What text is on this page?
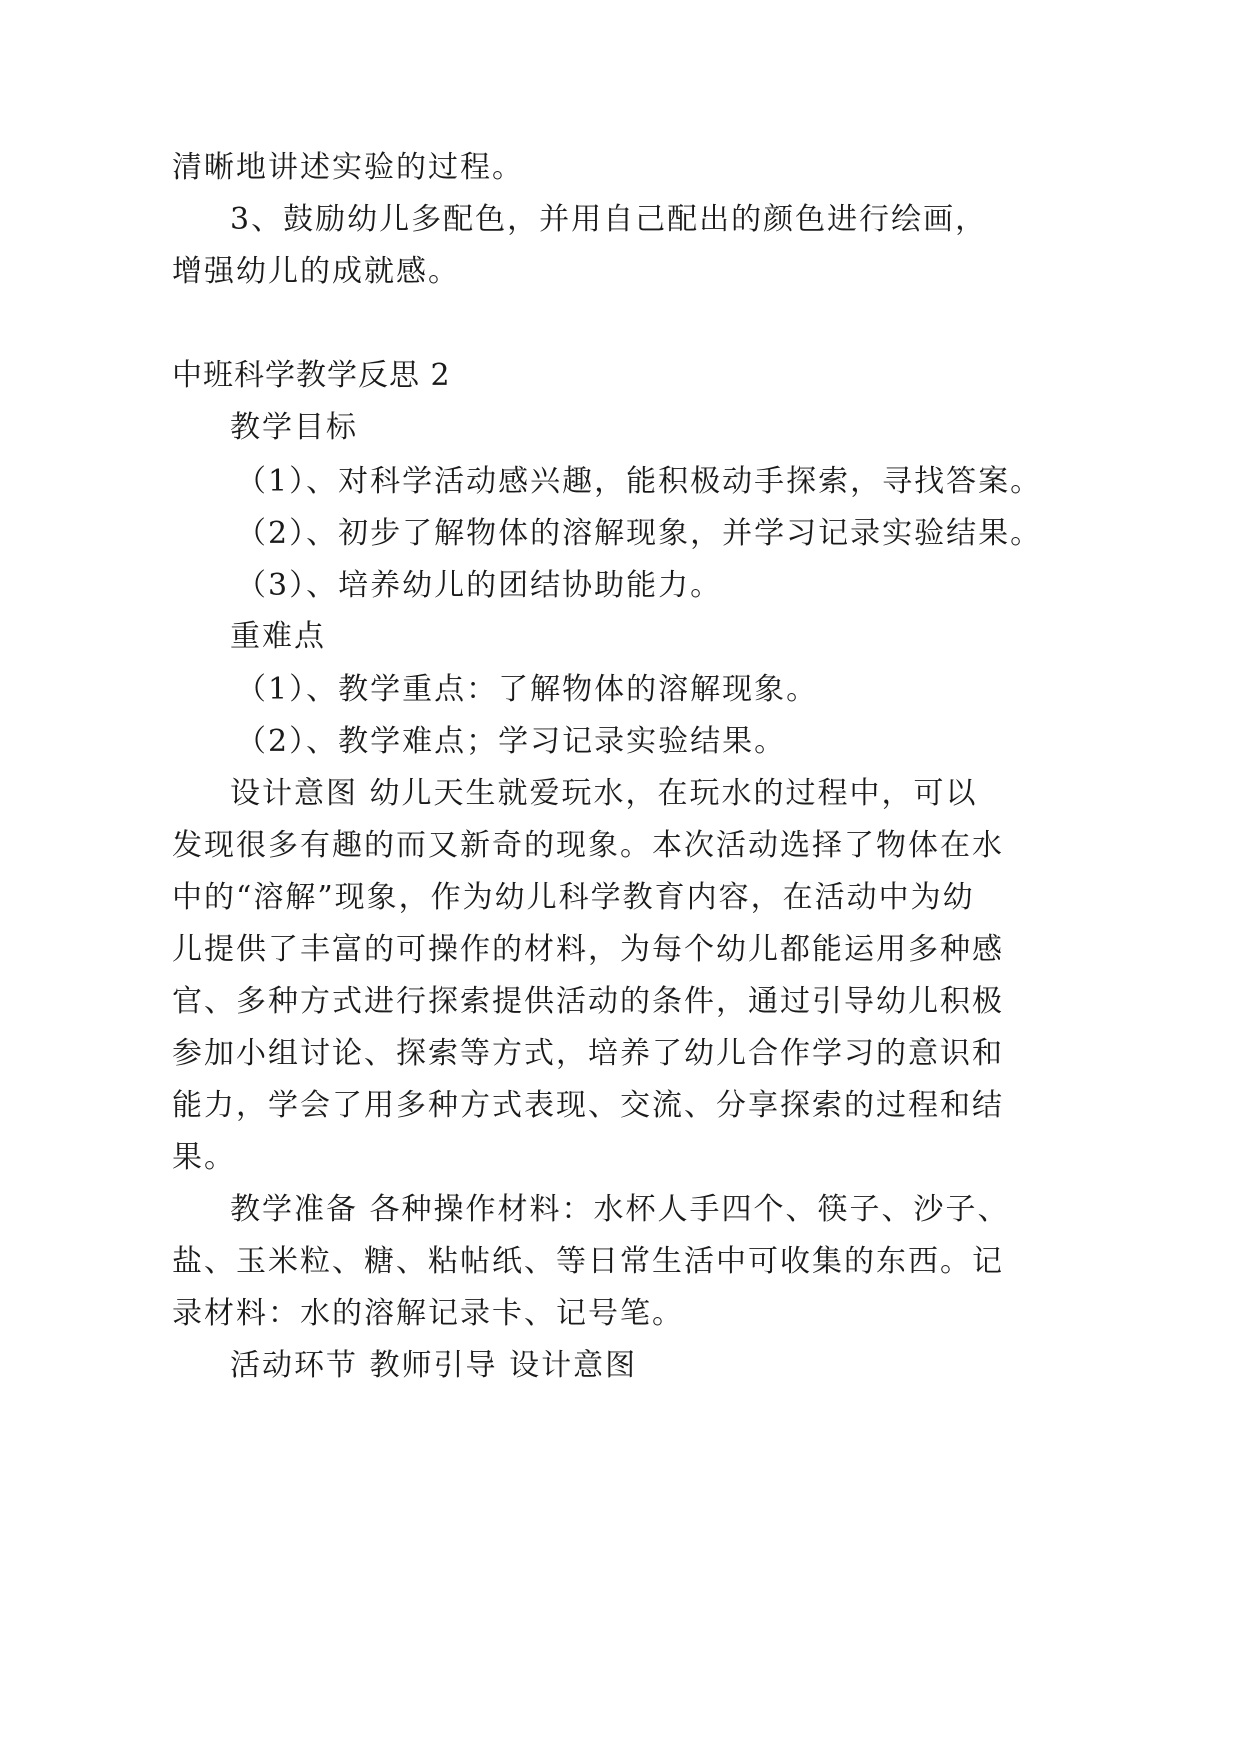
清晰地讲述实验的过程。
3、鼓励幼儿多配色，并用自己配出的颜色进行绘画，
增强幼儿的成就感。
中班科学教学反思 2
教学目标
（1）、对科学活动感兴趣，能积极动手探索，寻找答案。
（2）、初步了解物体的溶解现象，并学习记录实验结果。
（3）、培养幼儿的团结协助能力。
重难点
（1）、教学重点：了解物体的溶解现象。
（2）、教学难点；学习记录实验结果。
设计意图 幼儿天生就爱玩水，在玩水的过程中，可以
发现很多有趣的而又新奇的现象。本次活动选择了物体在水
中的“溶解”现象，作为幼儿科学教育内容，在活动中为幼
儿提供了丰富的可操作的材料，为每个幼儿都能运用多种感
官、多种方式进行探索提供活动的条件，通过引导幼儿积极
参加小组讨论、探索等方式，培养了幼儿合作学习的意识和
能力，学会了用多种方式表现、交流、分享探索的过程和结
果。
教学准备 各种操作材料：水杯人手四个、筷子、沙子、
盐、玉米粒、糖、粘帖纸、等日常生活中可收集的东西。记
录材料：水的溶解记录卡、记号笔。
活动环节 教师引导 设计意图
